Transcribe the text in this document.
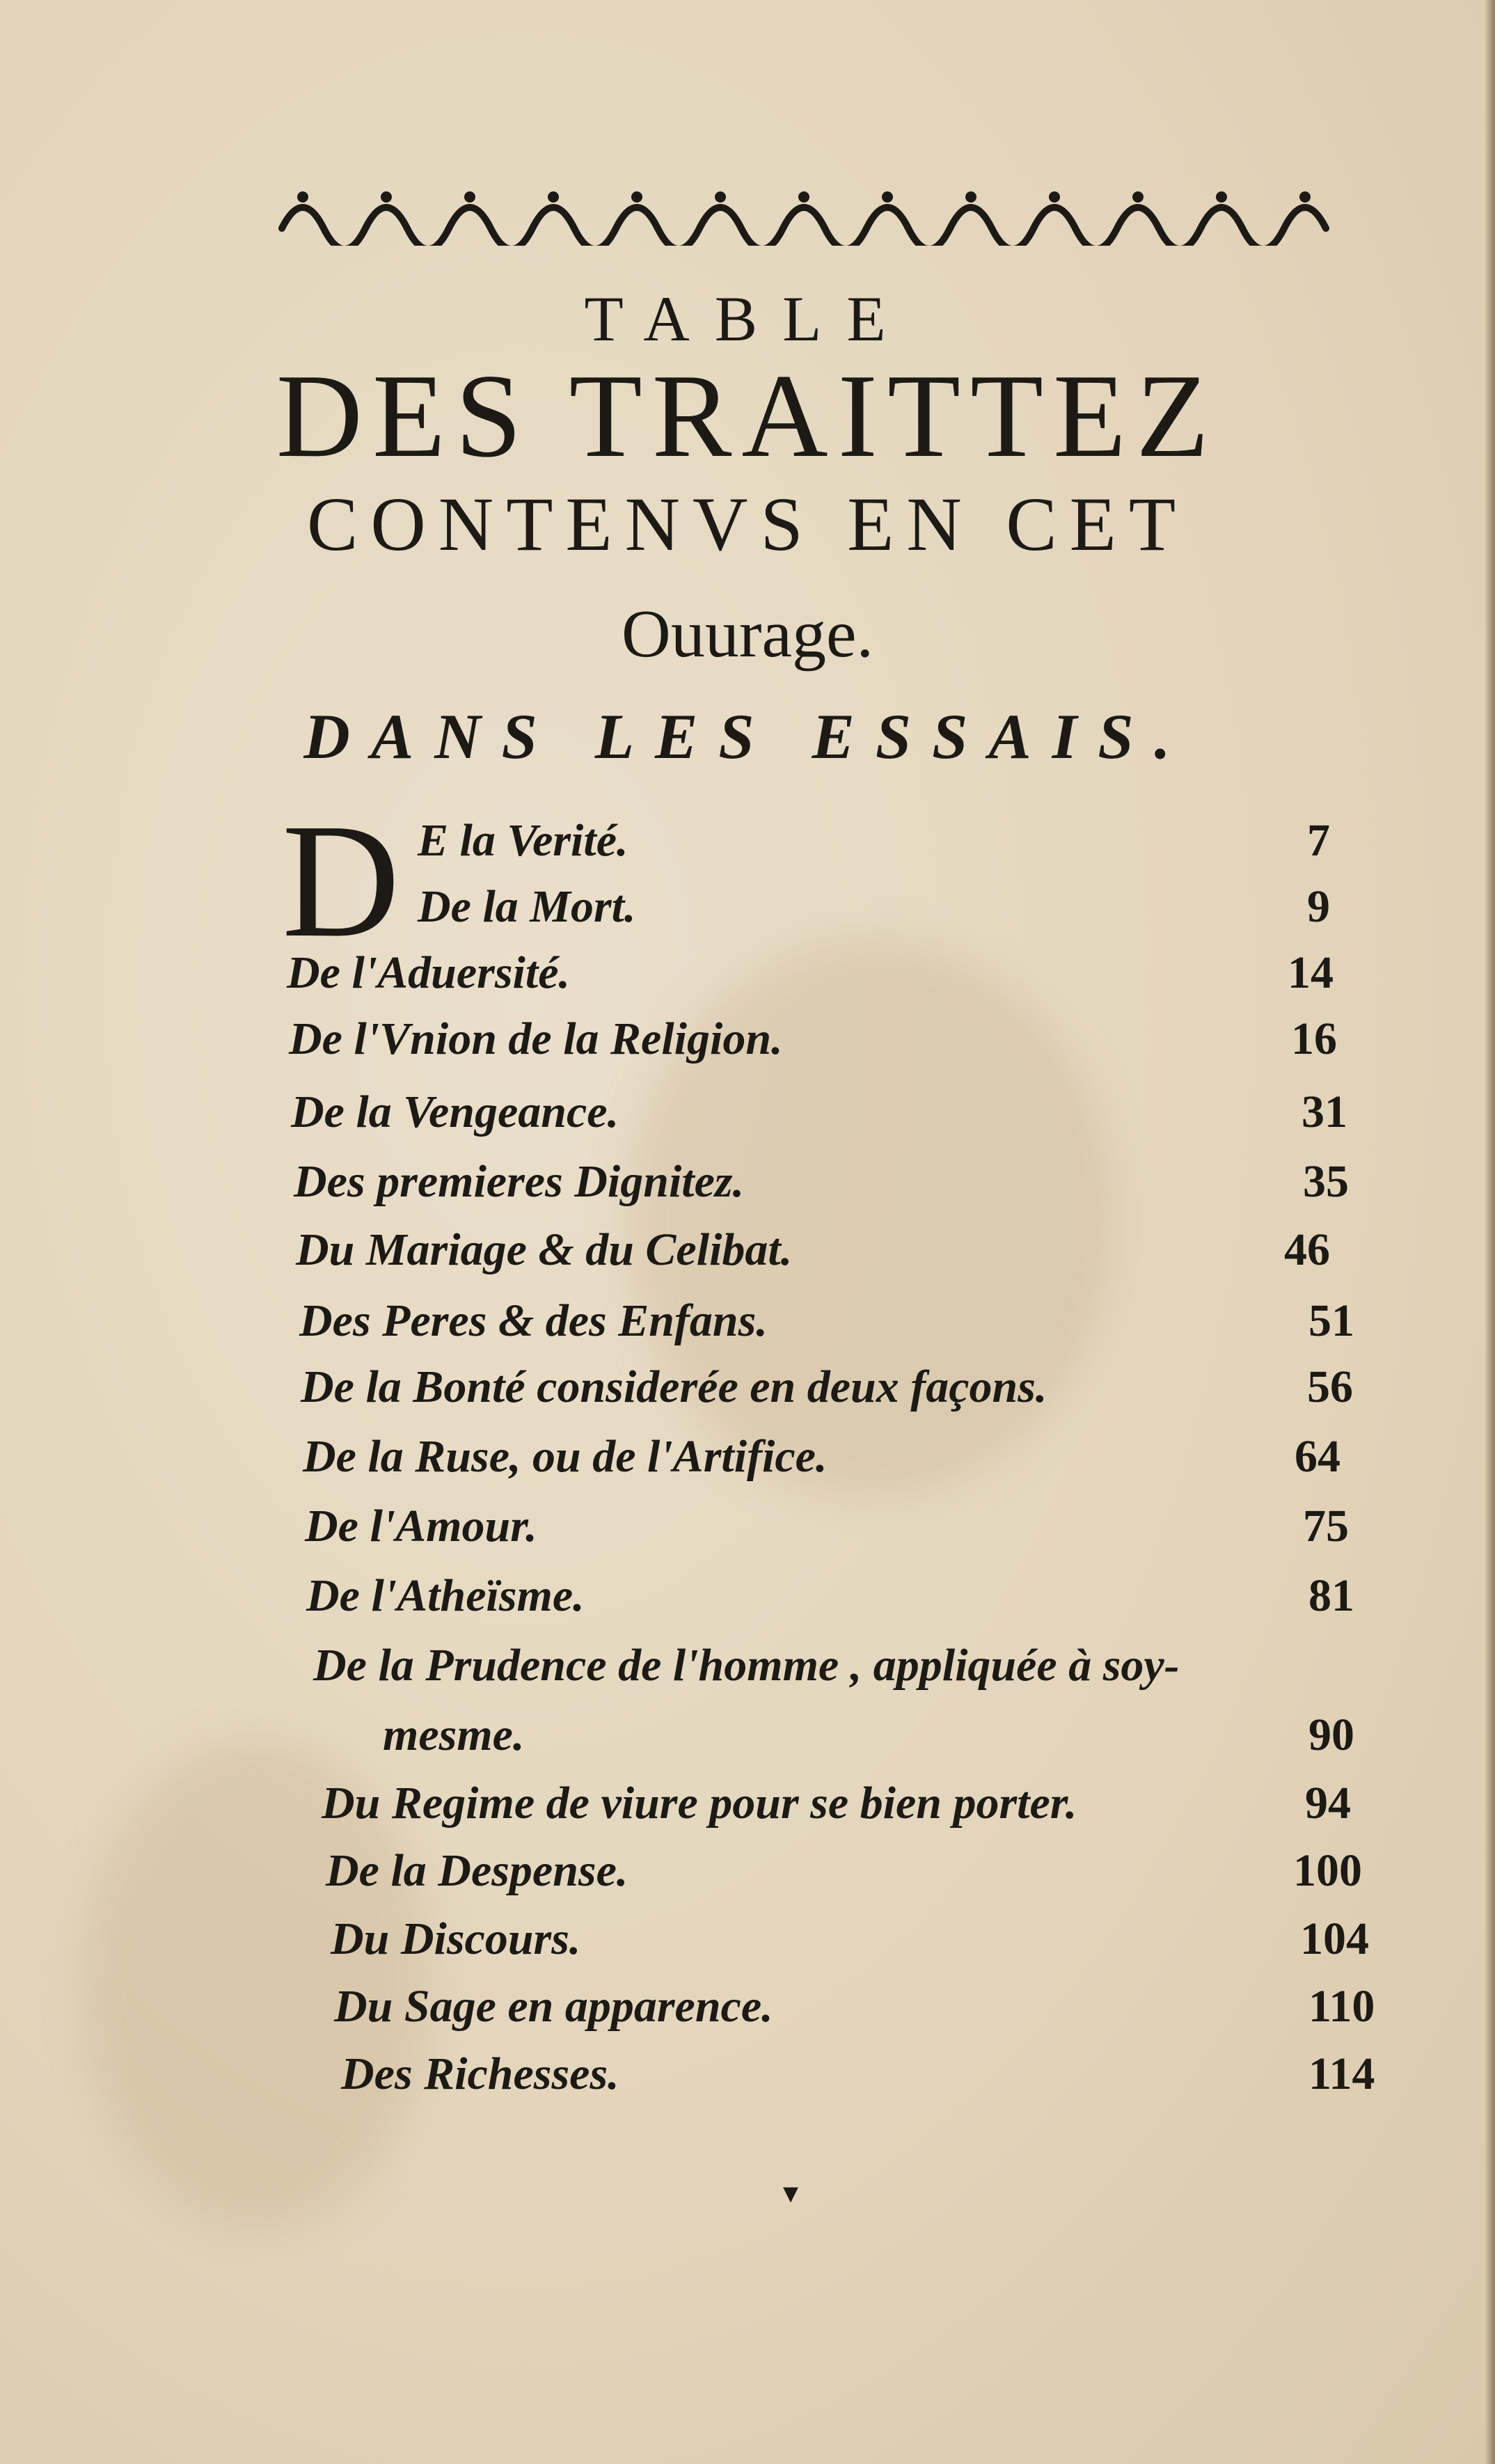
TABLE
DES TRAITTEZ
CONTENVS EN CET
Ouurage.
DANS LES ESSAIS.
D E la Verité.	7
De la Mort.	9
De l'Aduersité.	14
De l'Vnion de la Religion.	16
De la Vengeance.	31
Des premieres Dignitez.	35
Du Mariage & du Celibat.	46
Des Peres & des Enfans.	51
De la Bonté considerée en deux façons.	56
De la Ruse, ou de l'Artifice.	64
De l'Amour.	75
De l'Atheïsme.	81
De la Prudence de l'homme , appliquée à soy-
mesme.	90
Du Regime de viure pour se bien porter.	94
De la Despense.	100
Du Discours.	104
Du Sage en apparence.	110
Des Richesses.	114
▾
